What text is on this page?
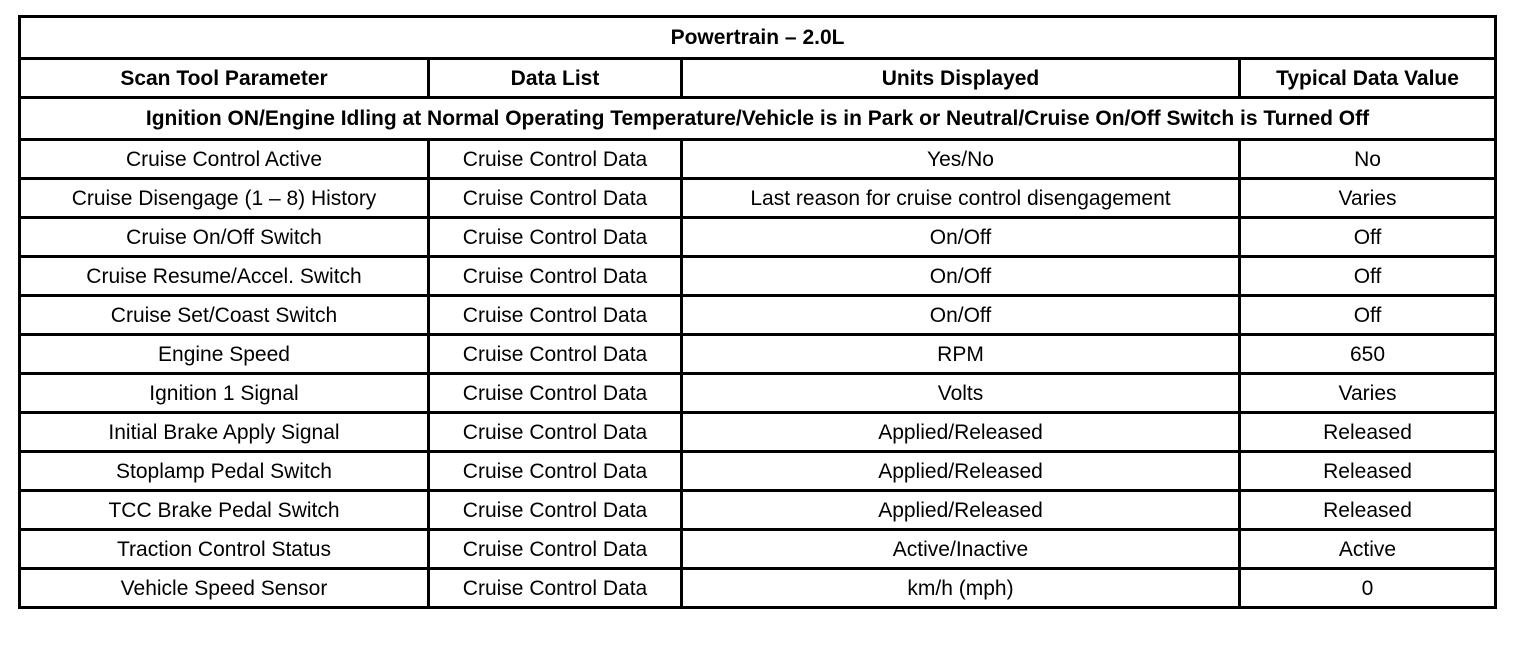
Powertrain – 2.0L			
Scan Tool Parameter	Data List	Units Displayed	Typical Data Value
Ignition ON/Engine Idling at Normal Operating Temperature/Vehicle is in Park or Neutral/Cruise On/Off Switch is Turned Off			
Cruise Control Active	Cruise Control Data	Yes/No	No
Cruise Disengage (1 – 8) History	Cruise Control Data	Last reason for cruise control disengagement	Varies
Cruise On/Off Switch	Cruise Control Data	On/Off	Off
Cruise Resume/Accel. Switch	Cruise Control Data	On/Off	Off
Cruise Set/Coast Switch	Cruise Control Data	On/Off	Off
Engine Speed	Cruise Control Data	RPM	650
Ignition 1 Signal	Cruise Control Data	Volts	Varies
Initial Brake Apply Signal	Cruise Control Data	Applied/Released	Released
Stoplamp Pedal Switch	Cruise Control Data	Applied/Released	Released
TCC Brake Pedal Switch	Cruise Control Data	Applied/Released	Released
Traction Control Status	Cruise Control Data	Active/Inactive	Active
Vehicle Speed Sensor	Cruise Control Data	km/h (mph)	0
